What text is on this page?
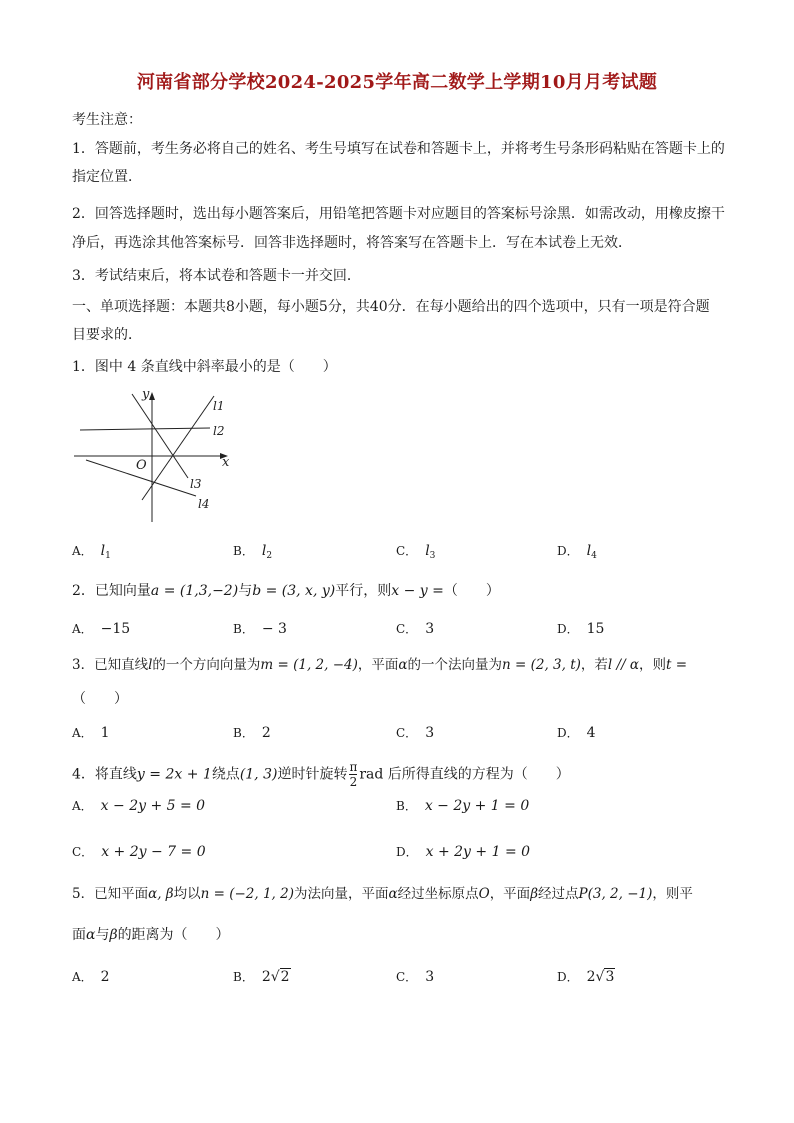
河南省部分学校2024-2025学年高二数学上学期10月月考试题
考生注意：
1．答题前，考生务必将自己的姓名、考生号填写在试卷和答题卡上，并将考生号条形码粘贴在答题卡上的
指定位置．
2．回答选择题时，选出每小题答案后，用铅笔把答题卡对应题目的答案标号涂黑．如需改动，用橡皮擦干
净后，再选涂其他答案标号．回答非选择题时，将答案写在答题卡上．写在本试卷上无效．
3．考试结束后，将本试卷和答题卡一并交回．
一、单项选择题：本题共8小题，每小题5分，共40分．在每小题给出的四个选项中，只有一项是符合题
目要求的．
1．图中 4 条直线中斜率最小的是（　　）
x
y
O
l1
l2
l3
l4
A． $l_1$	B． $l_2$	C． $l_3$	D． $l_4$
2．已知向量a = (1,3,−2)与b = (3, x, y)平行，则x − y =（　　）
A． −15	B． − 3	C． 3	D． 15
3．已知直线l的一个方向向量为m = (1, 2, −4)，平面α的一个法向量为n = (2, 3, t)，若l // α，则t =
（　　）
A． 1	B． 2	C． 3	D． 4
4．将直线y = 2x + 1绕点(1, 3)逆时针旋转 $\frac{\pi}{2}$ rad 后所得直线的方程为（　　）
A． x − 2y + 5 = 0	B． x − 2y + 1 = 0
C． x + 2y − 7 = 0	D． x + 2y + 1 = 0
5．已知平面α, β均以n = (−2, 1, 2)为法向量，平面α经过坐标原点O，平面β经过点P(3, 2, −1)，则平
面α与β的距离为（　　）
A． 2	B． 2√2	C． 3	D． 2√3
